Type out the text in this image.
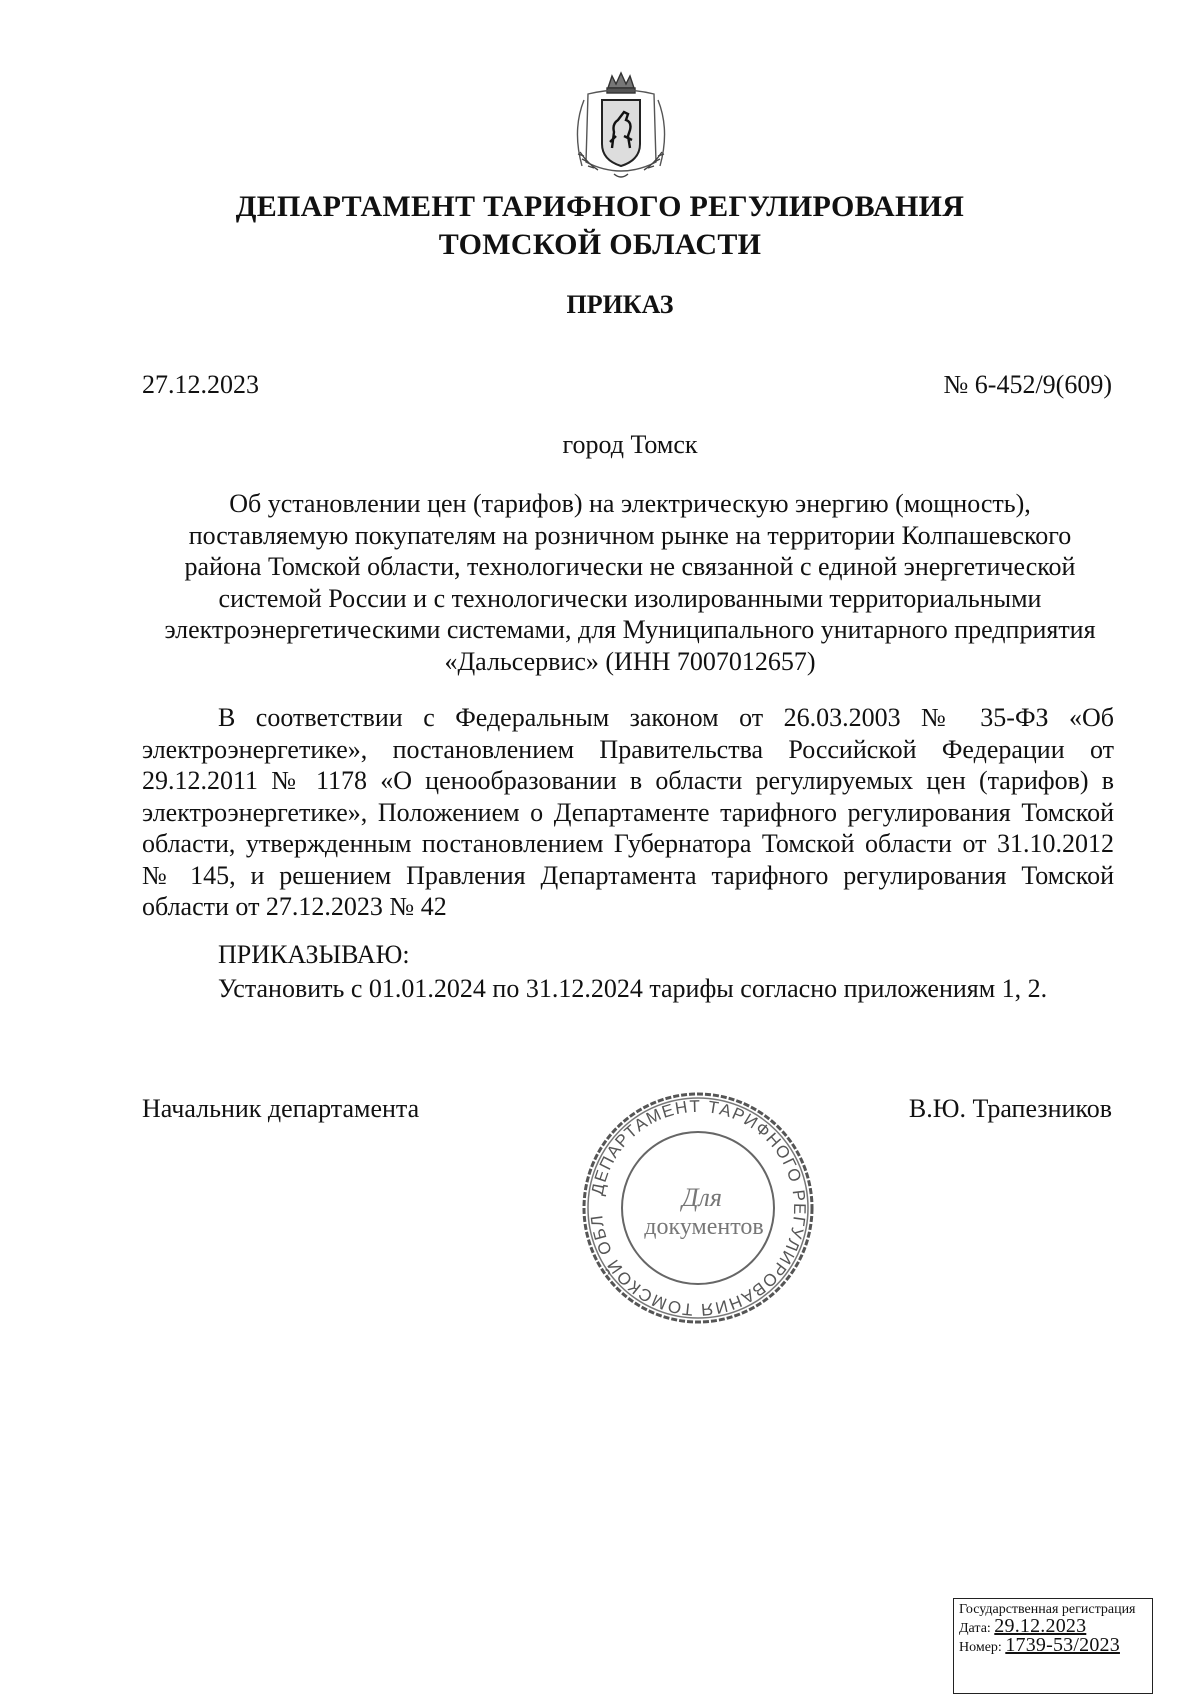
ДЕПАРТАМЕНТ ТАРИФНОГО РЕГУЛИРОВАНИЯ
ТОМСКОЙ ОБЛАСТИ
ПРИКАЗ
27.12.2023	№ 6-452/9(609)
город Томск
Об установлении цен (тарифов) на электрическую энергию (мощность),
поставляемую покупателям на розничном рынке на территории Колпашевского
района Томской области, технологически не связанной с единой энергетической
системой России и с технологически изолированными территориальными
электроэнергетическими системами, для Муниципального унитарного предприятия
«Дальсервис» (ИНН 7007012657)
В соответствии с Федеральным законом от 26.03.2003 № 35-ФЗ «Об
электроэнергетике», постановлением Правительства Российской Федерации от
29.12.2011 № 1178 «О ценообразовании в области регулируемых цен (тарифов) в
электроэнергетике», Положением о Департаменте тарифного регулирования Томской
области, утвержденным постановлением Губернатора Томской области от 31.10.2012
№ 145, и решением Правления Департамента тарифного регулирования Томской
области от 27.12.2023 № 42
ПРИКАЗЫВАЮ:
Установить с 01.01.2024 по 31.12.2024 тарифы согласно приложениям 1, 2.
Начальник департамента	В.Ю. Трапезников
ДЕПАРТАМЕНТ ТАРИФНОГО РЕГУЛИРОВАНИЯ ТОМСКОЙ ОБЛ
Для
документов
Государственная регистрация
Дата: 29.12.2023
Номер: 1739-53/2023
